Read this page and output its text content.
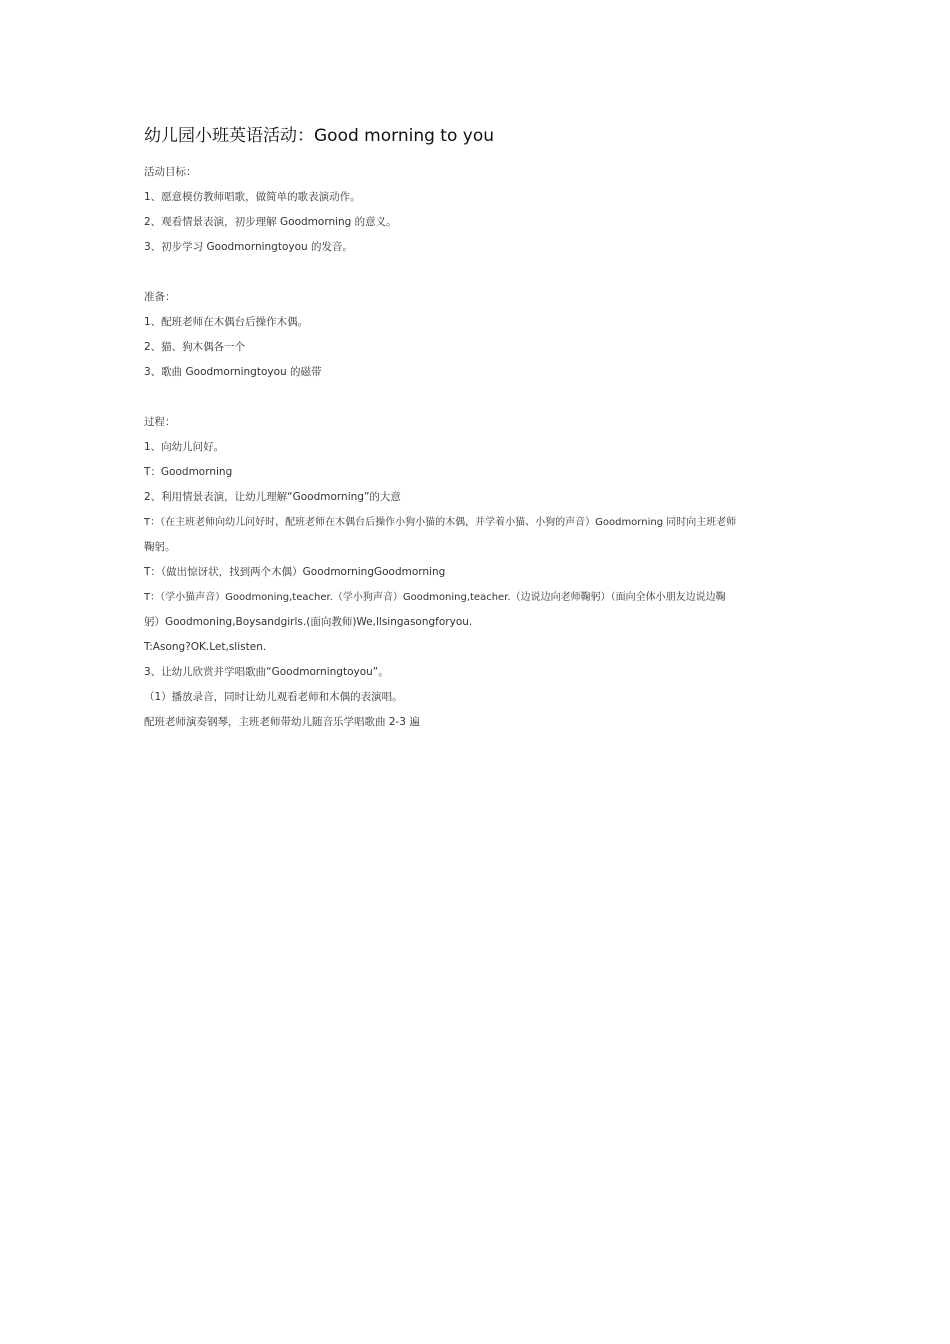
幼儿园小班英语活动：Good morning to you
活动目标：
1、愿意模仿教师唱歌，做简单的歌表演动作。
2、观看情景表演，初步理解 Goodmorning 的意义。
3、初步学习 Goodmorningtoyou 的发音。
准备：
1、配班老师在木偶台后操作木偶。
2、猫、狗木偶各一个
3、歌曲 Goodmorningtoyou 的磁带
过程：
1、向幼儿问好。
T：Goodmorning
2、利用情景表演，让幼儿理解“Goodmorning”的大意
T：（在主班老师向幼儿问好时，配班老师在木偶台后操作小狗小猫的木偶，并学着小猫、小狗的声音）Goodmorning 同时向主班老师
鞠躬。
T：（做出惊讶状，找到两个木偶）GoodmorningGoodmorning
T：（学小猫声音）Goodmoning,teacher.（学小狗声音）Goodmoning,teacher.（边说边向老师鞠躬）（面向全体小朋友边说边鞠
躬）Goodmoning,Boysandgirls.(面向教师)We,llsingasongforyou.
T:Asong?OK.Let,slisten.
3、让幼儿欣赏并学唱歌曲“Goodmorningtoyou”。
（1）播放录音，同时让幼儿观看老师和木偶的表演唱。
配班老师演奏钢琴，主班老师带幼儿随音乐学唱歌曲 2-3 遍
